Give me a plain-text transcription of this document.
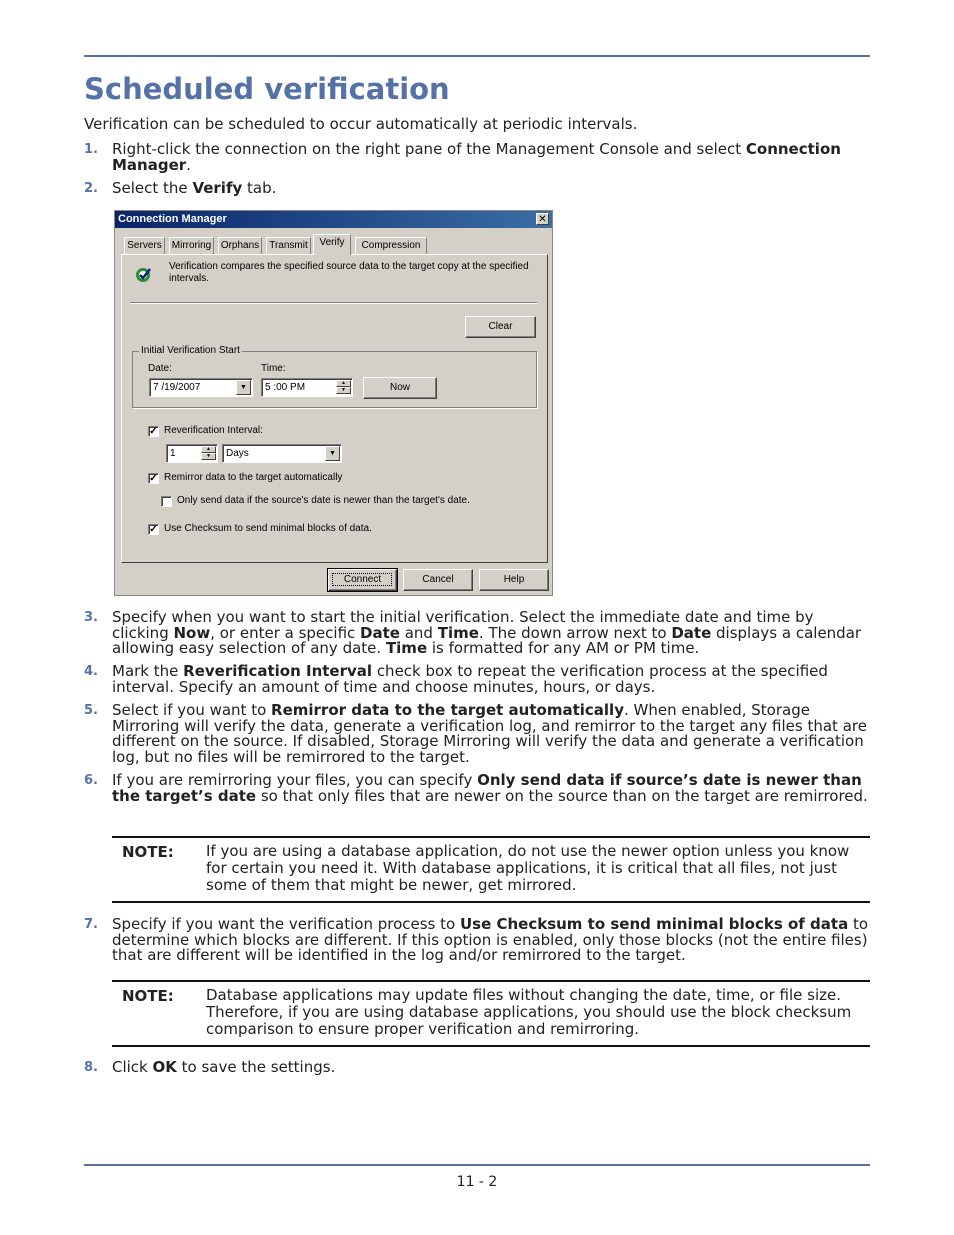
Scheduled verification
Verification can be scheduled to occur automatically at periodic intervals.
1. Right-click the connection on the right pane of the Management Console and select Connection Manager.
2. Select the Verify tab.
Connection Manager	✕
Servers	Mirroring Orphans	Transmit	Verify	Compression
Verification compares the specified source data to the target copy at the specified intervals.
Clear
Initial Verification Start
Date:
7 /19/2007	▼
Time:
5 :00 PM	▲
▼	Now
✓ Reverification Interval:
1	▲
▼	Days	▼
✓ Remirror data to the target automatically
Only send data if the source's date is newer than the target's date.
✓ Use Checksum to send minimal blocks of data.
Connect	Cancel	Help
3. Specify when you want to start the initial verification. Select the immediate date and time by clicking Now, or enter a specific Date and Time. The down arrow next to Date displays a calendar allowing easy selection of any date. Time is formatted for any AM or PM time.
4. Mark the Reverification Interval check box to repeat the verification process at the specified interval. Specify an amount of time and choose minutes, hours, or days.
5. Select if you want to Remirror data to the target automatically. When enabled, Storage Mirroring will verify the data, generate a verification log, and remirror to the target any files that are different on the source. If disabled, Storage Mirroring will verify the data and generate a verification log, but no files will be remirrored to the target.
6. If you are remirroring your files, you can specify Only send data if source’s date is newer than the target’s date so that only files that are newer on the source than on the target are remirrored.
NOTE: If you are using a database application, do not use the newer option unless you know for certain you need it. With database applications, it is critical that all files, not just some of them that might be newer, get mirrored.
7. Specify if you want the verification process to Use Checksum to send minimal blocks of data to determine which blocks are different. If this option is enabled, only those blocks (not the entire files) that are different will be identified in the log and/or remirrored to the target.
NOTE: Database applications may update files without changing the date, time, or file size. Therefore, if you are using database applications, you should use the block checksum comparison to ensure proper verification and remirroring.
8. Click OK to save the settings.
11 - 2
